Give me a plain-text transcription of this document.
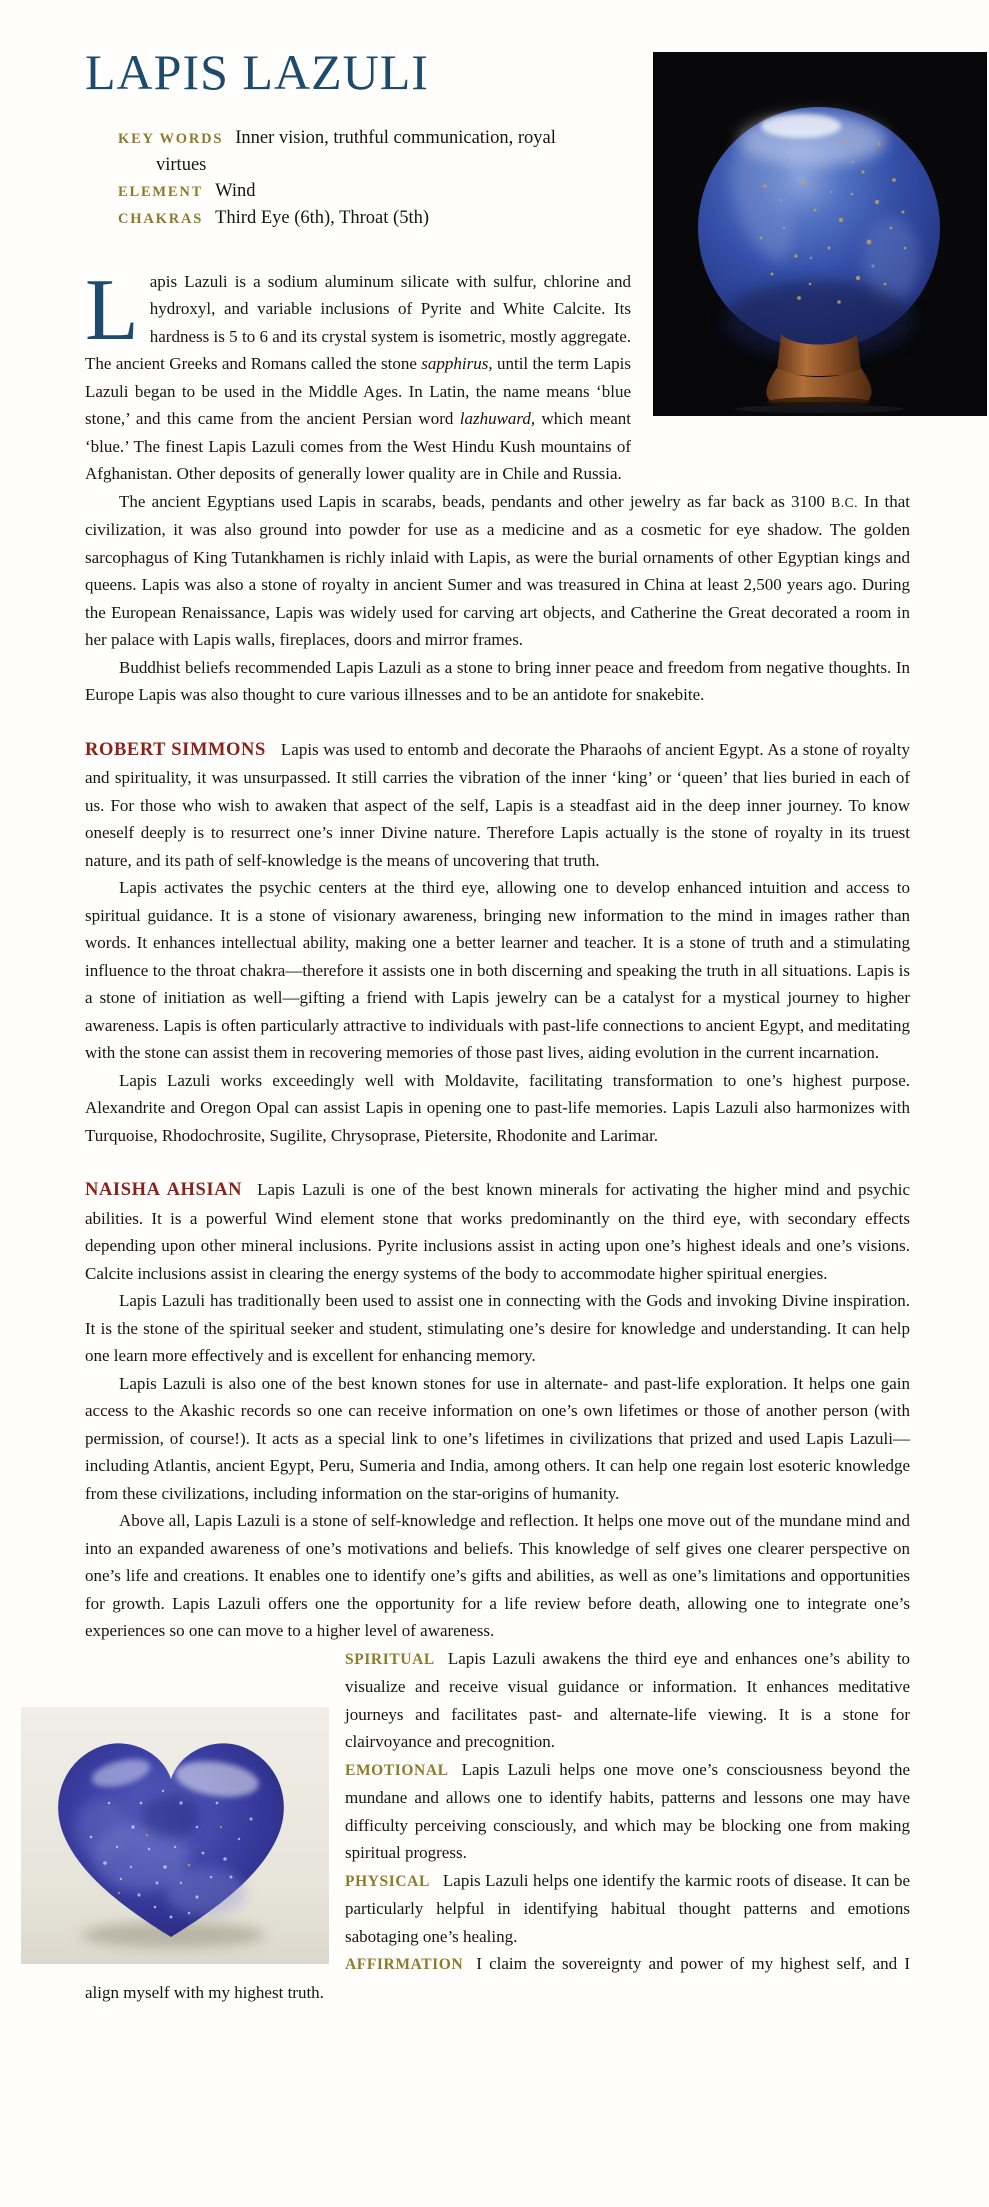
LAPIS LAZULI
KEY WORDS Inner vision, truthful communication, royal virtues
ELEMENT Wind
CHAKRAS Third Eye (6th), Throat (5th)

Lapis Lazuli is a sodium aluminum silicate with sulfur, chlorine and hydroxyl, and variable inclusions of Pyrite and White Calcite. Its hardness is 5 to 6 and its crystal system is isometric, mostly aggregate. The ancient Greeks and Romans called the stone sapphirus, until the term Lapis Lazuli began to be used in the Middle Ages. In Latin, the name means ‘blue stone,’ and this came from the ancient Persian word lazhuward, which meant ‘blue.’ The finest Lapis Lazuli comes from the West Hindu Kush mountains of Afghanistan. Other deposits of generally lower quality are in Chile and Russia.

The ancient Egyptians used Lapis in scarabs, beads, pendants and other jewelry as far back as 3100 B.C. In that civilization, it was also ground into powder for use as a medicine and as a cosmetic for eye shadow. The golden sarcophagus of King Tutankhamen is richly inlaid with Lapis, as were the burial ornaments of other Egyptian kings and queens. Lapis was also a stone of royalty in ancient Sumer and was treasured in China at least 2,500 years ago. During the European Renaissance, Lapis was widely used for carving art objects, and Catherine the Great decorated a room in her palace with Lapis walls, fireplaces, doors and mirror frames.

Buddhist beliefs recommended Lapis Lazuli as a stone to bring inner peace and freedom from negative thoughts. In Europe Lapis was also thought to cure various illnesses and to be an antidote for snakebite.

ROBERT SIMMONS Lapis was used to entomb and decorate the Pharaohs of ancient Egypt. As a stone of royalty and spirituality, it was unsurpassed. It still carries the vibration of the inner ‘king’ or ‘queen’ that lies buried in each of us. For those who wish to awaken that aspect of the self, Lapis is a steadfast aid in the deep inner journey. To know oneself deeply is to resurrect one’s inner Divine nature. Therefore Lapis actually is the stone of royalty in its truest nature, and its path of self-knowledge is the means of uncovering that truth.

Lapis activates the psychic centers at the third eye, allowing one to develop enhanced intuition and access to spiritual guidance. It is a stone of visionary awareness, bringing new information to the mind in images rather than words. It enhances intellectual ability, making one a better learner and teacher. It is a stone of truth and a stimulating influence to the throat chakra—therefore it assists one in both discerning and speaking the truth in all situations. Lapis is a stone of initiation as well—gifting a friend with Lapis jewelry can be a catalyst for a mystical journey to higher awareness. Lapis is often particularly attractive to individuals with past-life connections to ancient Egypt, and meditating with the stone can assist them in recovering memories of those past lives, aiding evolution in the current incarnation.

Lapis Lazuli works exceedingly well with Moldavite, facilitating transformation to one’s highest purpose. Alexandrite and Oregon Opal can assist Lapis in opening one to past-life memories. Lapis Lazuli also harmonizes with Turquoise, Rhodochrosite, Sugilite, Chrysoprase, Pietersite, Rhodonite and Larimar.

NAISHA AHSIAN Lapis Lazuli is one of the best known minerals for activating the higher mind and psychic abilities. It is a powerful Wind element stone that works predominantly on the third eye, with secondary effects depending upon other mineral inclusions. Pyrite inclusions assist in acting upon one’s highest ideals and one’s visions. Calcite inclusions assist in clearing the energy systems of the body to accommodate higher spiritual energies.

Lapis Lazuli has traditionally been used to assist one in connecting with the Gods and invoking Divine inspiration. It is the stone of the spiritual seeker and student, stimulating one’s desire for knowledge and understanding. It can help one learn more effectively and is excellent for enhancing memory.

Lapis Lazuli is also one of the best known stones for use in alternate- and past-life exploration. It helps one gain access to the Akashic records so one can receive information on one’s own lifetimes or those of another person (with permission, of course!). It acts as a special link to one’s lifetimes in civilizations that prized and used Lapis Lazuli—including Atlantis, ancient Egypt, Peru, Sumeria and India, among others. It can help one regain lost esoteric knowledge from these civilizations, including information on the star-origins of humanity.

Above all, Lapis Lazuli is a stone of self-knowledge and reflection. It helps one move out of the mundane mind and into an expanded awareness of one’s motivations and beliefs. This knowledge of self gives one clearer perspective on one’s life and creations. It enables one to identify one’s gifts and abilities, as well as one’s limitations and opportunities for growth. Lapis Lazuli offers one the opportunity for a life review before death, allowing one to integrate one’s experiences so one can move to a higher level of awareness.

SPIRITUAL Lapis Lazuli awakens the third eye and enhances one’s ability to visualize and receive visual guidance or information. It enhances meditative journeys and facilitates past- and alternate-life viewing. It is a stone for clairvoyance and precognition.

EMOTIONAL Lapis Lazuli helps one move one’s consciousness beyond the mundane and allows one to identify habits, patterns and lessons one may have difficulty perceiving consciously, and which may be blocking one from making spiritual progress.

PHYSICAL Lapis Lazuli helps one identify the karmic roots of disease. It can be particularly helpful in identifying habitual thought patterns and emotions sabotaging one’s healing.

AFFIRMATION I claim the sovereignty and power of my highest self, and I align myself with my highest truth.
